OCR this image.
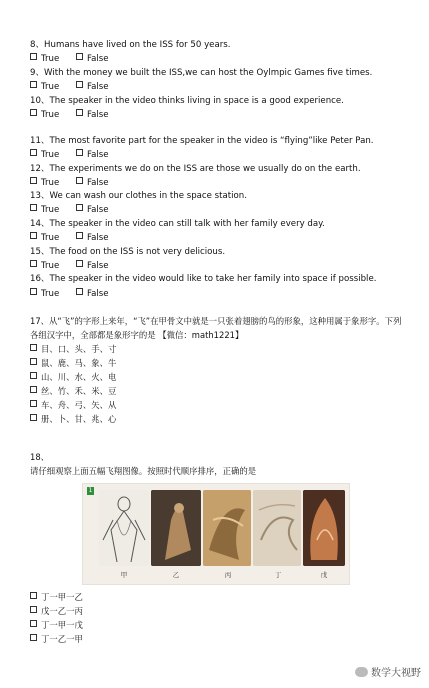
8、Humans have lived on the ISS for 50 years.
True	False
9、With the money we built the ISS,we can host the Oylmpic Games five times.
True	False
10、The speaker in the video thinks living in space is a good experience.
True	False
11、The most favorite part for the speaker in the video is “flying”like Peter Pan.
True	False
12、The experiments we do on the ISS are those we usually do on the earth.
True	False
13、We can wash our clothes in the space station.
True	False
14、The speaker in the video can still talk with her family every day.
True	False
15、The food on the ISS is not very delicious.
True	False
16、The speaker in the video would like to take her family into space if possible.
True	False
17、从“飞”的字形上来年，“飞”在甲骨文中就是一只张着翅膀的鸟的形象，这种用属于象形字。下列各组汉字中，全部都是象形字的是 【微信：math1221】
目、口、头、手、寸
鼠、鹿、马、象、牛
山、川、水、火、电
丝、竹、禾、米、豆
车、舟、弓、矢、从
册、卜、甘、兆、心
18、
请仔细观察上面五幅飞翔图像。按照时代顺序排序，正确的是
1
甲	乙	丙	丁	戊
丁一甲一乙
戊一乙一丙
丁一甲一戊
丁一乙一甲
数学大视野
